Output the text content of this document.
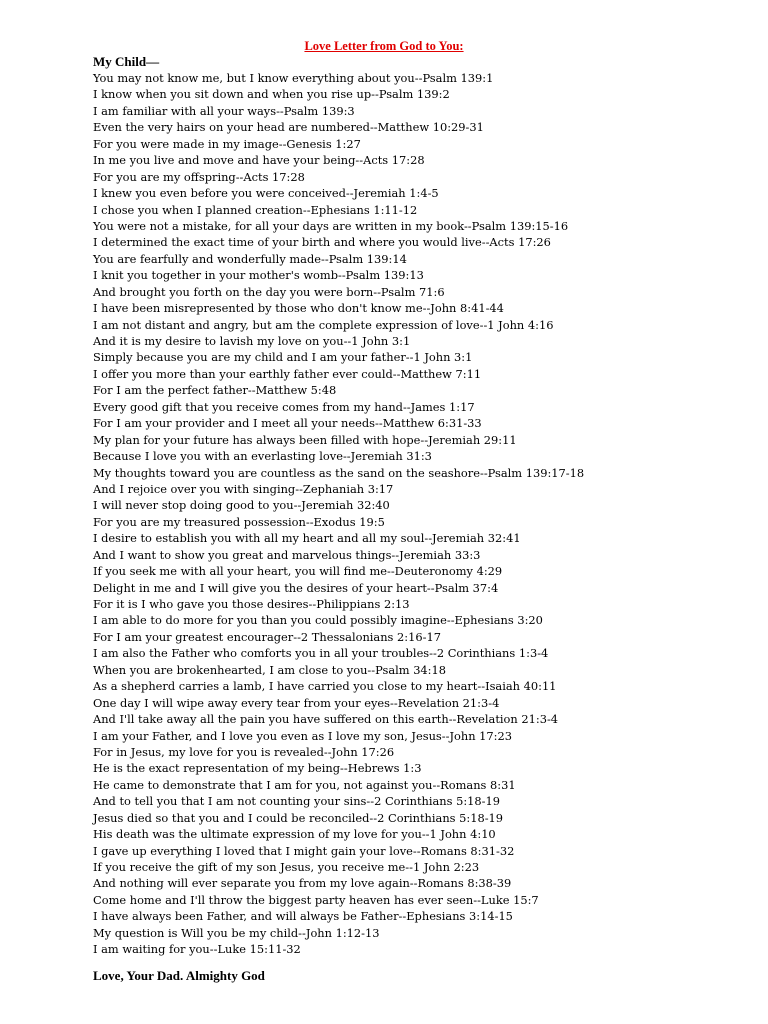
Love Letter from God to You:
My Child—
You may not know me, but I know everything about you--Psalm 139:1
I know when you sit down and when you rise up--Psalm 139:2
I am familiar with all your ways--Psalm 139:3
Even the very hairs on your head are numbered--Matthew 10:29-31
For you were made in my image--Genesis 1:27
In me you live and move and have your being--Acts 17:28
For you are my offspring--Acts 17:28
I knew you even before you were conceived--Jeremiah 1:4-5
I chose you when I planned creation--Ephesians 1:11-12
You were not a mistake, for all your days are written in my book--Psalm 139:15-16
I determined the exact time of your birth and where you would live--Acts 17:26
You are fearfully and wonderfully made--Psalm 139:14
I knit you together in your mother's womb--Psalm 139:13
And brought you forth on the day you were born--Psalm 71:6
I have been misrepresented by those who don't know me--John 8:41-44
I am not distant and angry, but am the complete expression of love--1 John 4:16
And it is my desire to lavish my love on you--1 John 3:1
Simply because you are my child and I am your father--1 John 3:1
I offer you more than your earthly father ever could--Matthew 7:11
For I am the perfect father--Matthew 5:48
Every good gift that you receive comes from my hand--James 1:17
For I am your provider and I meet all your needs--Matthew 6:31-33
My plan for your future has always been filled with hope--Jeremiah 29:11
Because I love you with an everlasting love--Jeremiah 31:3
My thoughts toward you are countless as the sand on the seashore--Psalm 139:17-18
And I rejoice over you with singing--Zephaniah 3:17
I will never stop doing good to you--Jeremiah 32:40
For you are my treasured possession--Exodus 19:5
I desire to establish you with all my heart and all my soul--Jeremiah 32:41
And I want to show you great and marvelous things--Jeremiah 33:3
If you seek me with all your heart, you will find me--Deuteronomy 4:29
Delight in me and I will give you the desires of your heart--Psalm 37:4
For it is I who gave you those desires--Philippians 2:13
I am able to do more for you than you could possibly imagine--Ephesians 3:20
For I am your greatest encourager--2 Thessalonians 2:16-17
I am also the Father who comforts you in all your troubles--2 Corinthians 1:3-4
When you are brokenhearted, I am close to you--Psalm 34:18
As a shepherd carries a lamb, I have carried you close to my heart--Isaiah 40:11
One day I will wipe away every tear from your eyes--Revelation 21:3-4
And I'll take away all the pain you have suffered on this earth--Revelation 21:3-4
I am your Father, and I love you even as I love my son, Jesus--John 17:23
For in Jesus, my love for you is revealed--John 17:26
He is the exact representation of my being--Hebrews 1:3
He came to demonstrate that I am for you, not against you--Romans 8:31
And to tell you that I am not counting your sins--2 Corinthians 5:18-19
Jesus died so that you and I could be reconciled--2 Corinthians 5:18-19
His death was the ultimate expression of my love for you--1 John 4:10
I gave up everything I loved that I might gain your love--Romans 8:31-32
If you receive the gift of my son Jesus, you receive me--1 John 2:23
And nothing will ever separate you from my love again--Romans 8:38-39
Come home and I'll throw the biggest party heaven has ever seen--Luke 15:7
I have always been Father, and will always be Father--Ephesians 3:14-15
My question is Will you be my child--John 1:12-13
I am waiting for you--Luke 15:11-32
Love, Your Dad. Almighty God
